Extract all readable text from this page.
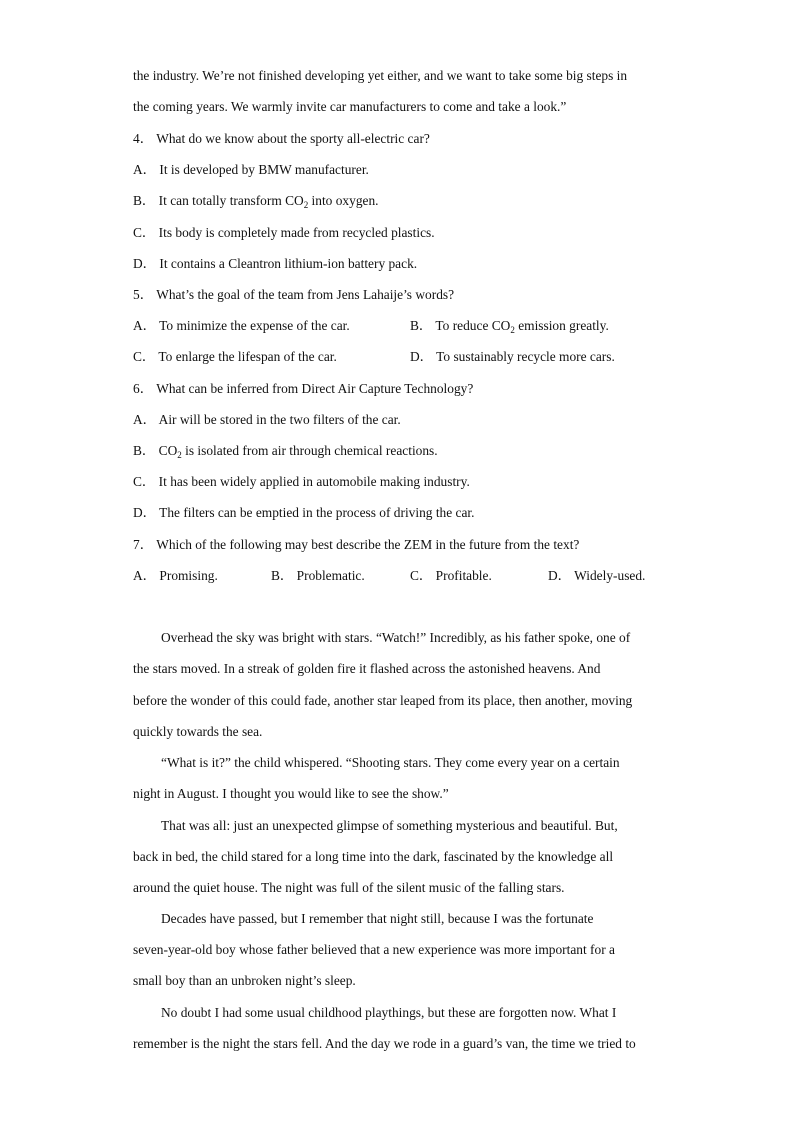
the industry. We’re not finished developing yet either, and we want to take some big steps in
the coming years. We warmly invite car manufacturers to come and take a look.”
4． What do we know about the sporty all-electric car?
A． It is developed by BMW manufacturer.
B． It can totally transform $CO_2$ into oxygen.
C． Its body is completely made from recycled plastics.
D． It contains a Cleantron lithium-ion battery pack.
5． What’s the goal of the team from Jens Lahaije’s words?
A． To minimize the expense of the car.	B． To reduce $CO_2$ emission greatly.
C． To enlarge the lifespan of the car.	D． To sustainably recycle more cars.
6． What can be inferred from Direct Air Capture Technology?
A． Air will be stored in the two filters of the car.
B． $CO_2$ is isolated from air through chemical reactions.
C． It has been widely applied in automobile making industry.
D． The filters can be emptied in the process of driving the car.
7． Which of the following may best describe the ZEM in the future from the text?
A． Promising.	B． Problematic.	C． Profitable.	D． Widely-used.
Overhead the sky was bright with stars. “Watch!” Incredibly, as his father spoke, one of
the stars moved. In a streak of golden fire it flashed across the astonished heavens. And
before the wonder of this could fade, another star leaped from its place, then another, moving
quickly towards the sea.
“What is it?” the child whispered. “Shooting stars. They come every year on a certain
night in August. I thought you would like to see the show.”
That was all: just an unexpected glimpse of something mysterious and beautiful. But,
back in bed, the child stared for a long time into the dark, fascinated by the knowledge all
around the quiet house. The night was full of the silent music of the falling stars.
Decades have passed, but I remember that night still, because I was the fortunate
seven-year-old boy whose father believed that a new experience was more important for a
small boy than an unbroken night’s sleep.
No doubt I had some usual childhood playthings, but these are forgotten now. What I
remember is the night the stars fell. And the day we rode in a guard’s van, the time we tried to
